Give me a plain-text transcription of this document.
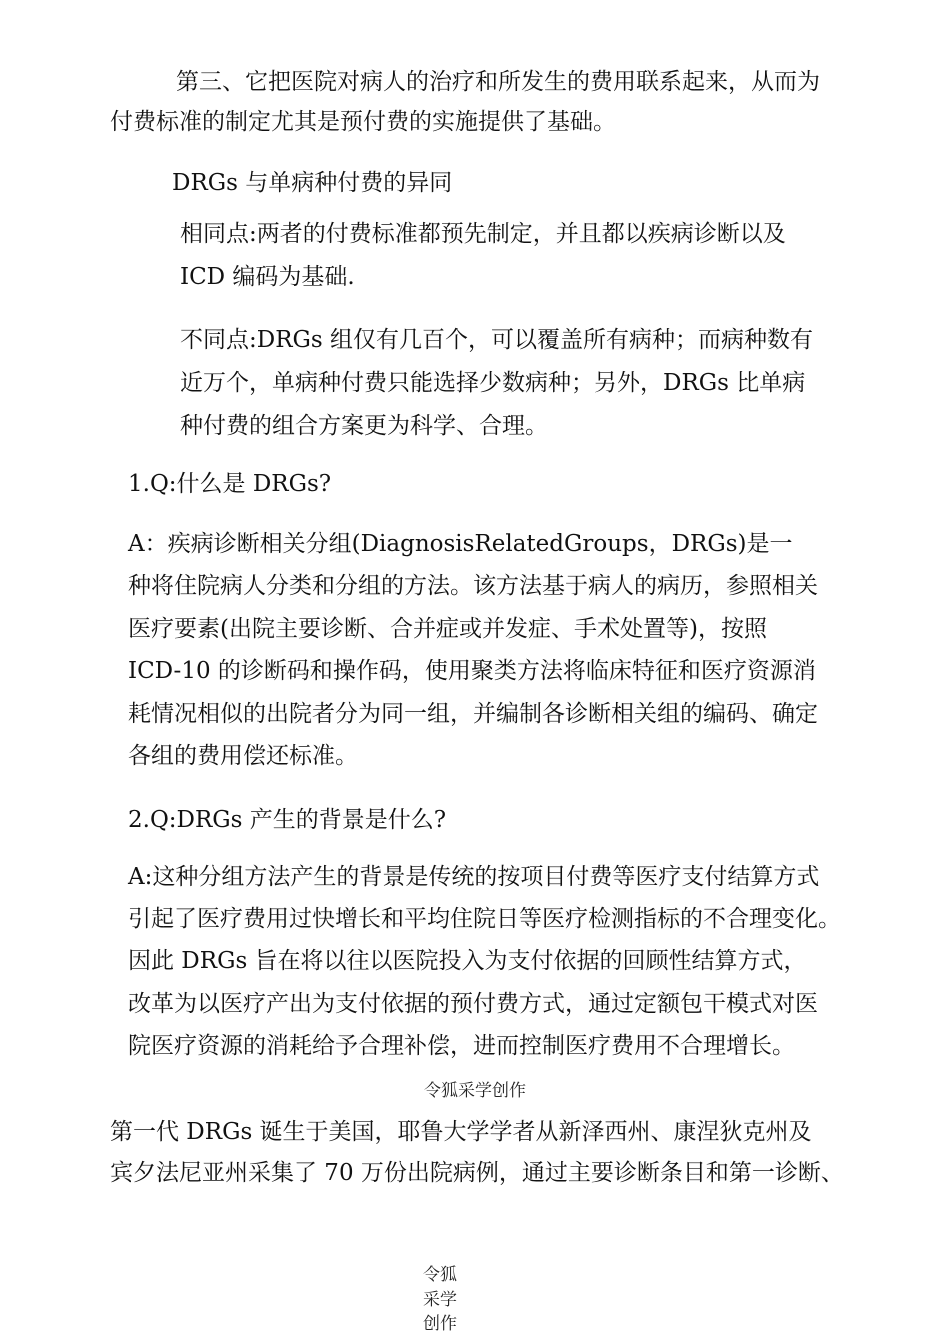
第三、它把医院对病人的治疗和所发生的费用联系起来，从而为
付费标准的制定尤其是预付费的实施提供了基础。
DRGs 与单病种付费的异同
相同点:两者的付费标准都预先制定，并且都以疾病诊断以及
ICD 编码为基础.
不同点:DRGs 组仅有几百个，可以覆盖所有病种；而病种数有
近万个，单病种付费只能选择少数病种；另外，DRGs 比单病
种付费的组合方案更为科学、合理。
1.Q:什么是 DRGs?
A：疾病诊断相关分组(DiagnosisRelatedGroups，DRGs)是一
种将住院病人分类和分组的方法。该方法基于病人的病历，参照相关
医疗要素(出院主要诊断、合并症或并发症、手术处置等)，按照
ICD-10 的诊断码和操作码，使用聚类方法将临床特征和医疗资源消
耗情况相似的出院者分为同一组，并编制各诊断相关组的编码、确定
各组的费用偿还标准。
2.Q:DRGs 产生的背景是什么?
A:这种分组方法产生的背景是传统的按项目付费等医疗支付结算方式
引起了医疗费用过快增长和平均住院日等医疗检测指标的不合理变化。
因此 DRGs 旨在将以往以医院投入为支付依据的回顾性结算方式，
改革为以医疗产出为支付依据的预付费方式，通过定额包干模式对医
院医疗资源的消耗给予合理补偿，进而控制医疗费用不合理增长。
令狐采学创作
第一代 DRGs 诞生于美国，耶鲁大学学者从新泽西州、康涅狄克州及
宾夕法尼亚州采集了 70 万份出院病例，通过主要诊断条目和第一诊断、
令狐
采学
创作
